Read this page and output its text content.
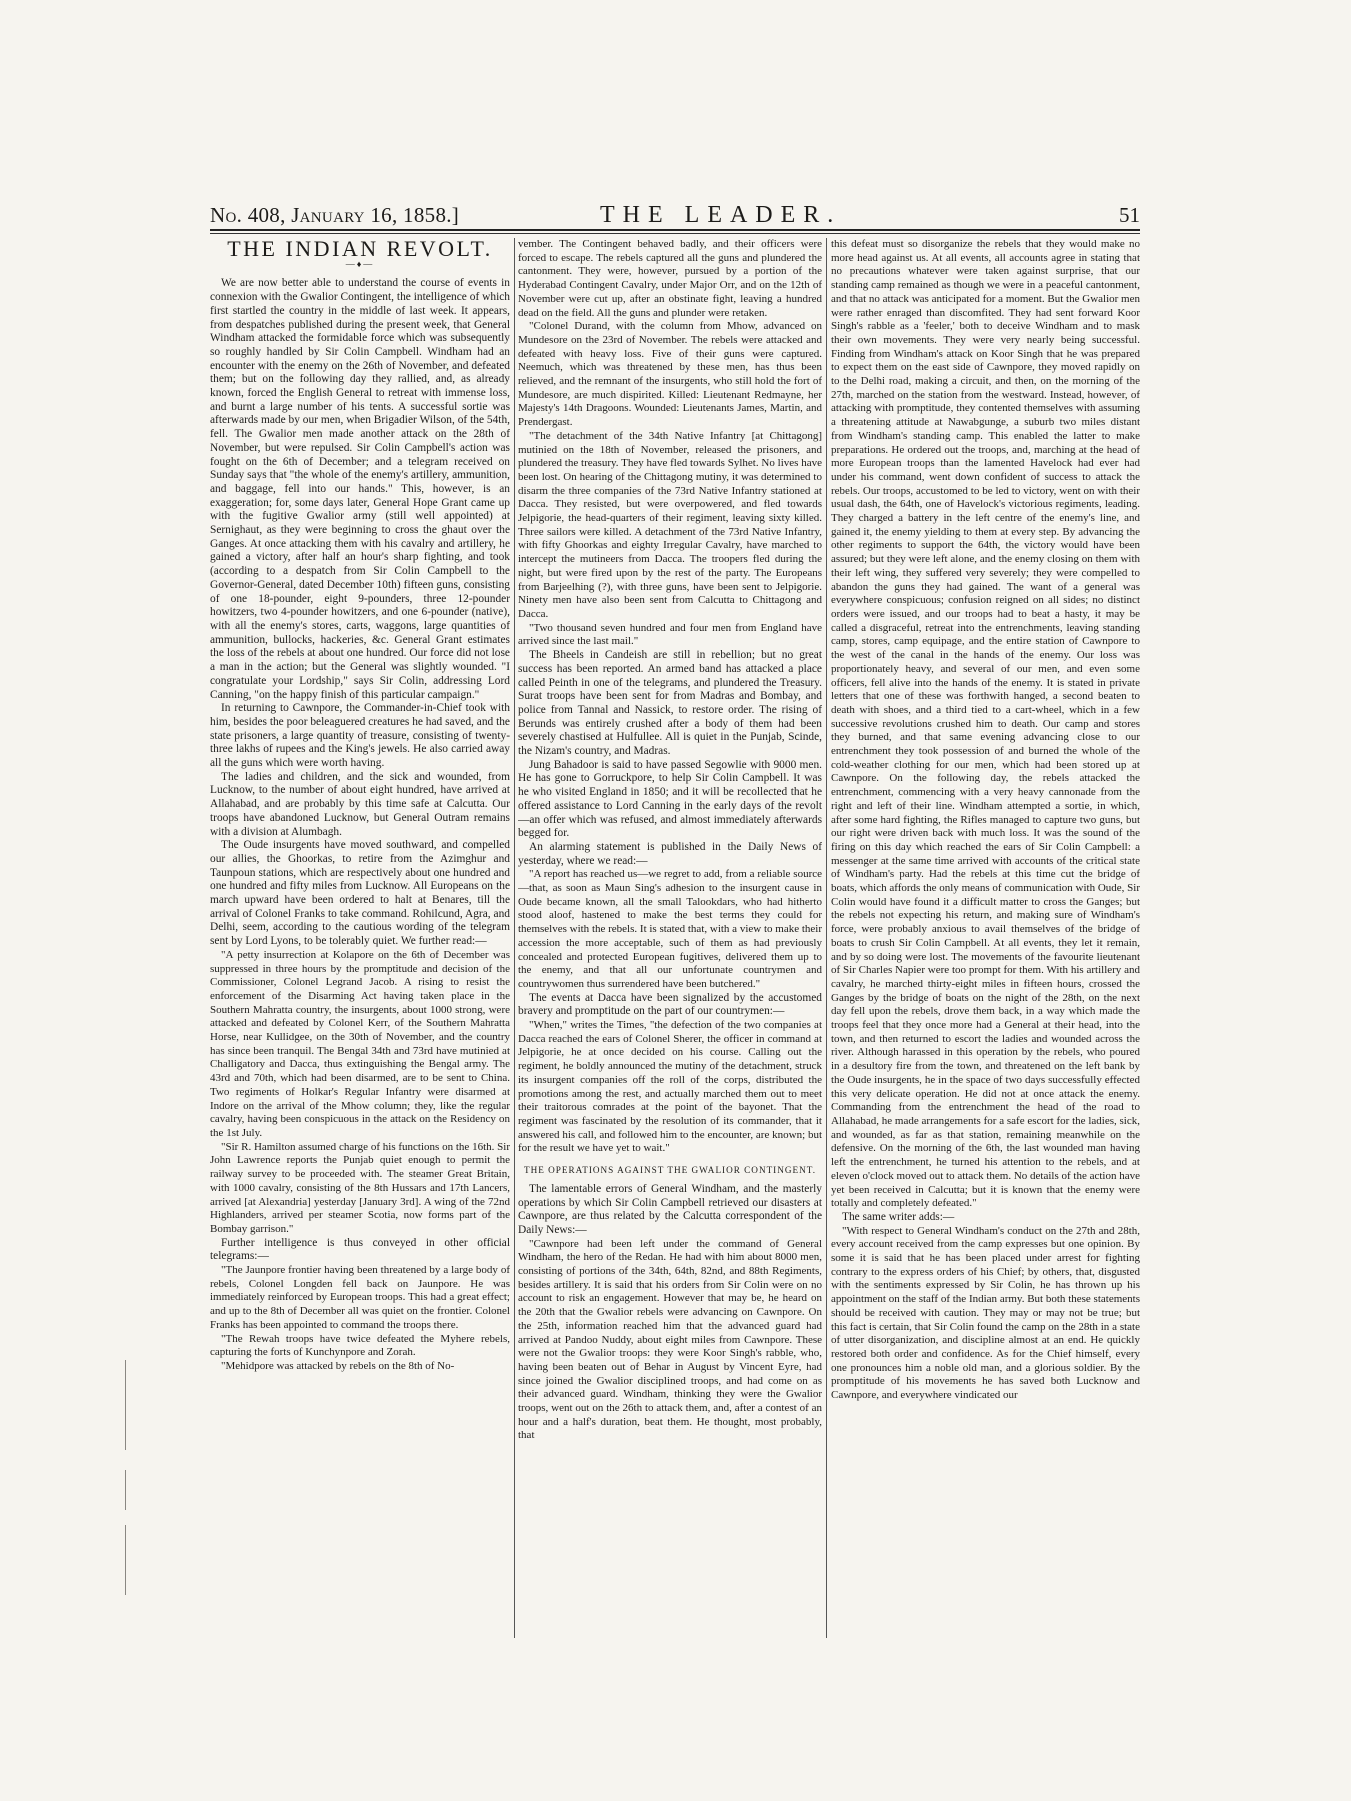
No. 408, January 16, 1858.]	THE LEADER.	51
THE INDIAN REVOLT.
—♦—

We are now better able to understand the course of events in connexion with the Gwalior Contingent, the intelligence of which first startled the country in the middle of last week. It appears, from despatches published during the present week, that General Windham attacked the formidable force which was subsequently so roughly handled by Sir Colin Campbell. Windham had an encounter with the enemy on the 26th of November, and defeated them; but on the following day they rallied, and, as already known, forced the English General to retreat with immense loss, and burnt a large number of his tents. A successful sortie was afterwards made by our men, when Brigadier Wilson, of the 54th, fell. The Gwalior men made another attack on the 28th of November, but were repulsed. Sir Colin Campbell's action was fought on the 6th of December; and a telegram received on Sunday says that "the whole of the enemy's artillery, ammunition, and baggage, fell into our hands." This, however, is an exaggeration; for, some days later, General Hope Grant came up with the fugitive Gwalior army (still well appointed) at Sernighaut, as they were beginning to cross the ghaut over the Ganges. At once attacking them with his cavalry and artillery, he gained a victory, after half an hour's sharp fighting, and took (according to a despatch from Sir Colin Campbell to the Governor-General, dated December 10th) fifteen guns, consisting of one 18-pounder, eight 9-pounders, three 12-pounder howitzers, two 4-pounder howitzers, and one 6-pounder (native), with all the enemy's stores, carts, waggons, large quantities of ammunition, bullocks, hackeries, &c. General Grant estimates the loss of the rebels at about one hundred. Our force did not lose a man in the action; but the General was slightly wounded. "I congratulate your Lordship," says Sir Colin, addressing Lord Canning, "on the happy finish of this particular campaign."

In returning to Cawnpore, the Commander-in-Chief took with him, besides the poor beleaguered creatures he had saved, and the state prisoners, a large quantity of treasure, consisting of twenty-three lakhs of rupees and the King's jewels. He also carried away all the guns which were worth having.

The ladies and children, and the sick and wounded, from Lucknow, to the number of about eight hundred, have arrived at Allahabad, and are probably by this time safe at Calcutta. Our troops have abandoned Lucknow, but General Outram remains with a division at Alumbagh.

The Oude insurgents have moved southward, and compelled our allies, the Ghoorkas, to retire from the Azimghur and Taunpoun stations, which are respectively about one hundred and one hundred and fifty miles from Lucknow. All Europeans on the march upward have been ordered to halt at Benares, till the arrival of Colonel Franks to take command. Rohilcund, Agra, and Delhi, seem, according to the cautious wording of the telegram sent by Lord Lyons, to be tolerably quiet. We further read:—

"A petty insurrection at Kolapore on the 6th of December was suppressed in three hours by the promptitude and decision of the Commissioner, Colonel Legrand Jacob. A rising to resist the enforcement of the Disarming Act having taken place in the Southern Mahratta country, the insurgents, about 1000 strong, were attacked and defeated by Colonel Kerr, of the Southern Mahratta Horse, near Kullidgee, on the 30th of November, and the country has since been tranquil. The Bengal 34th and 73rd have mutinied at Challigatory and Dacca, thus extinguishing the Bengal army. The 43rd and 70th, which had been disarmed, are to be sent to China. Two regiments of Holkar's Regular Infantry were disarmed at Indore on the arrival of the Mhow column; they, like the regular cavalry, having been conspicuous in the attack on the Residency on the 1st July.

"Sir R. Hamilton assumed charge of his functions on the 16th. Sir John Lawrence reports the Punjab quiet enough to permit the railway survey to be proceeded with. The steamer Great Britain, with 1000 cavalry, consisting of the 8th Hussars and 17th Lancers, arrived [at Alexandria] yesterday [January 3rd]. A wing of the 72nd Highlanders, arrived per steamer Scotia, now forms part of the Bombay garrison."

Further intelligence is thus conveyed in other official telegrams:—

"The Jaunpore frontier having been threatened by a large body of rebels, Colonel Longden fell back on Jaunpore. He was immediately reinforced by European troops. This had a great effect; and up to the 8th of December all was quiet on the frontier. Colonel Franks has been appointed to command the troops there.

"The Rewah troops have twice defeated the Myhere rebels, capturing the forts of Kunchynpore and Zorah.

"Mehidpore was attacked by rebels on the 8th of No-

vember. The Contingent behaved badly, and their officers were forced to escape. The rebels captured all the guns and plundered the cantonment. They were, however, pursued by a portion of the Hyderabad Contingent Cavalry, under Major Orr, and on the 12th of November were cut up, after an obstinate fight, leaving a hundred dead on the field. All the guns and plunder were retaken.

"Colonel Durand, with the column from Mhow, advanced on Mundesore on the 23rd of November. The rebels were attacked and defeated with heavy loss. Five of their guns were captured. Neemuch, which was threatened by these men, has thus been relieved, and the remnant of the insurgents, who still hold the fort of Mundesore, are much dispirited. Killed: Lieutenant Redmayne, her Majesty's 14th Dragoons. Wounded: Lieutenants James, Martin, and Prendergast.

"The detachment of the 34th Native Infantry [at Chittagong] mutinied on the 18th of November, released the prisoners, and plundered the treasury. They have fled towards Sylhet. No lives have been lost. On hearing of the Chittagong mutiny, it was determined to disarm the three companies of the 73rd Native Infantry stationed at Dacca. They resisted, but were overpowered, and fled towards Jelpigorie, the head-quarters of their regiment, leaving sixty killed. Three sailors were killed. A detachment of the 73rd Native Infantry, with fifty Ghoorkas and eighty Irregular Cavalry, have marched to intercept the mutineers from Dacca. The troopers fled during the night, but were fired upon by the rest of the party. The Europeans from Barjeelhing (?), with three guns, have been sent to Jelpigorie. Ninety men have also been sent from Calcutta to Chittagong and Dacca.

"Two thousand seven hundred and four men from England have arrived since the last mail."

The Bheels in Candeish are still in rebellion; but no great success has been reported. An armed band has attacked a place called Peinth in one of the telegrams, and plundered the Treasury. Surat troops have been sent for from Madras and Bombay, and police from Tannal and Nassick, to restore order. The rising of Berunds was entirely crushed after a body of them had been severely chastised at Hulfullee. All is quiet in the Punjab, Scinde, the Nizam's country, and Madras.

Jung Bahadoor is said to have passed Segowlie with 9000 men. He has gone to Gorruckpore, to help Sir Colin Campbell. It was he who visited England in 1850; and it will be recollected that he offered assistance to Lord Canning in the early days of the revolt—an offer which was refused, and almost immediately afterwards begged for.

An alarming statement is published in the Daily News of yesterday, where we read:—

"A report has reached us—we regret to add, from a reliable source—that, as soon as Maun Sing's adhesion to the insurgent cause in Oude became known, all the small Talookdars, who had hitherto stood aloof, hastened to make the best terms they could for themselves with the rebels. It is stated that, with a view to make their accession the more acceptable, such of them as had previously concealed and protected European fugitives, delivered them up to the enemy, and that all our unfortunate countrymen and countrywomen thus surrendered have been butchered."

The events at Dacca have been signalized by the accustomed bravery and promptitude on the part of our countrymen:—

"When," writes the Times, "the defection of the two companies at Dacca reached the ears of Colonel Sherer, the officer in command at Jelpigorie, he at once decided on his course. Calling out the regiment, he boldly announced the mutiny of the detachment, struck its insurgent companies off the roll of the corps, distributed the promotions among the rest, and actually marched them out to meet their traitorous comrades at the point of the bayonet. That the regiment was fascinated by the resolution of its commander, that it answered his call, and followed him to the encounter, are known; but for the result we have yet to wait."

THE OPERATIONS AGAINST THE GWALIOR CONTINGENT.

The lamentable errors of General Windham, and the masterly operations by which Sir Colin Campbell retrieved our disasters at Cawnpore, are thus related by the Calcutta correspondent of the Daily News:—

"Cawnpore had been left under the command of General Windham, the hero of the Redan. He had with him about 8000 men, consisting of portions of the 34th, 64th, 82nd, and 88th Regiments, besides artillery. It is said that his orders from Sir Colin were on no account to risk an engagement. However that may be, he heard on the 20th that the Gwalior rebels were advancing on Cawnpore. On the 25th, information reached him that the advanced guard had arrived at Pandoo Nuddy, about eight miles from Cawnpore. These were not the Gwalior troops: they were Koor Singh's rabble, who, having been beaten out of Behar in August by Vincent Eyre, had since joined the Gwalior disciplined troops, and had come on as their advanced guard. Windham, thinking they were the Gwalior troops, went out on the 26th to attack them, and, after a contest of an hour and a half's duration, beat them. He thought, most probably, that

this defeat must so disorganize the rebels that they would make no more head against us. At all events, all accounts agree in stating that no precautions whatever were taken against surprise, that our standing camp remained as though we were in a peaceful cantonment, and that no attack was anticipated for a moment. But the Gwalior men were rather enraged than discomfited. They had sent forward Koor Singh's rabble as a 'feeler,' both to deceive Windham and to mask their own movements. They were very nearly being successful. Finding from Windham's attack on Koor Singh that he was prepared to expect them on the east side of Cawnpore, they moved rapidly on to the Delhi road, making a circuit, and then, on the morning of the 27th, marched on the station from the westward. Instead, however, of attacking with promptitude, they contented themselves with assuming a threatening attitude at Nawabgunge, a suburb two miles distant from Windham's standing camp. This enabled the latter to make preparations. He ordered out the troops, and, marching at the head of more European troops than the lamented Havelock had ever had under his command, went down confident of success to attack the rebels. Our troops, accustomed to be led to victory, went on with their usual dash, the 64th, one of Havelock's victorious regiments, leading. They charged a battery in the left centre of the enemy's line, and gained it, the enemy yielding to them at every step. By advancing the other regiments to support the 64th, the victory would have been assured; but they were left alone, and the enemy closing on them with their left wing, they suffered very severely; they were compelled to abandon the guns they had gained. The want of a general was everywhere conspicuous; confusion reigned on all sides; no distinct orders were issued, and our troops had to beat a hasty, it may be called a disgraceful, retreat into the entrenchments, leaving standing camp, stores, camp equipage, and the entire station of Cawnpore to the west of the canal in the hands of the enemy. Our loss was proportionately heavy, and several of our men, and even some officers, fell alive into the hands of the enemy. It is stated in private letters that one of these was forthwith hanged, a second beaten to death with shoes, and a third tied to a cart-wheel, which in a few successive revolutions crushed him to death. Our camp and stores they burned, and that same evening advancing close to our entrenchment they took possession of and burned the whole of the cold-weather clothing for our men, which had been stored up at Cawnpore. On the following day, the rebels attacked the entrenchment, commencing with a very heavy cannonade from the right and left of their line. Windham attempted a sortie, in which, after some hard fighting, the Rifles managed to capture two guns, but our right were driven back with much loss. It was the sound of the firing on this day which reached the ears of Sir Colin Campbell: a messenger at the same time arrived with accounts of the critical state of Windham's party. Had the rebels at this time cut the bridge of boats, which affords the only means of communication with Oude, Sir Colin would have found it a difficult matter to cross the Ganges; but the rebels not expecting his return, and making sure of Windham's force, were probably anxious to avail themselves of the bridge of boats to crush Sir Colin Campbell. At all events, they let it remain, and by so doing were lost. The movements of the favourite lieutenant of Sir Charles Napier were too prompt for them. With his artillery and cavalry, he marched thirty-eight miles in fifteen hours, crossed the Ganges by the bridge of boats on the night of the 28th, on the next day fell upon the rebels, drove them back, in a way which made the troops feel that they once more had a General at their head, into the town, and then returned to escort the ladies and wounded across the river. Although harassed in this operation by the rebels, who poured in a desultory fire from the town, and threatened on the left bank by the Oude insurgents, he in the space of two days successfully effected this very delicate operation. He did not at once attack the enemy. Commanding from the entrenchment the head of the road to Allahabad, he made arrangements for a safe escort for the ladies, sick, and wounded, as far as that station, remaining meanwhile on the defensive. On the morning of the 6th, the last wounded man having left the entrenchment, he turned his attention to the rebels, and at eleven o'clock moved out to attack them. No details of the action have yet been received in Calcutta; but it is known that the enemy were totally and completely defeated."

The same writer adds:—

"With respect to General Windham's conduct on the 27th and 28th, every account received from the camp expresses but one opinion. By some it is said that he has been placed under arrest for fighting contrary to the express orders of his Chief; by others, that, disgusted with the sentiments expressed by Sir Colin, he has thrown up his appointment on the staff of the Indian army. But both these statements should be received with caution. They may or may not be true; but this fact is certain, that Sir Colin found the camp on the 28th in a state of utter disorganization, and discipline almost at an end. He quickly restored both order and confidence. As for the Chief himself, every one pronounces him a noble old man, and a glorious soldier. By the promptitude of his movements he has saved both Lucknow and Cawnpore, and everywhere vindicated our
